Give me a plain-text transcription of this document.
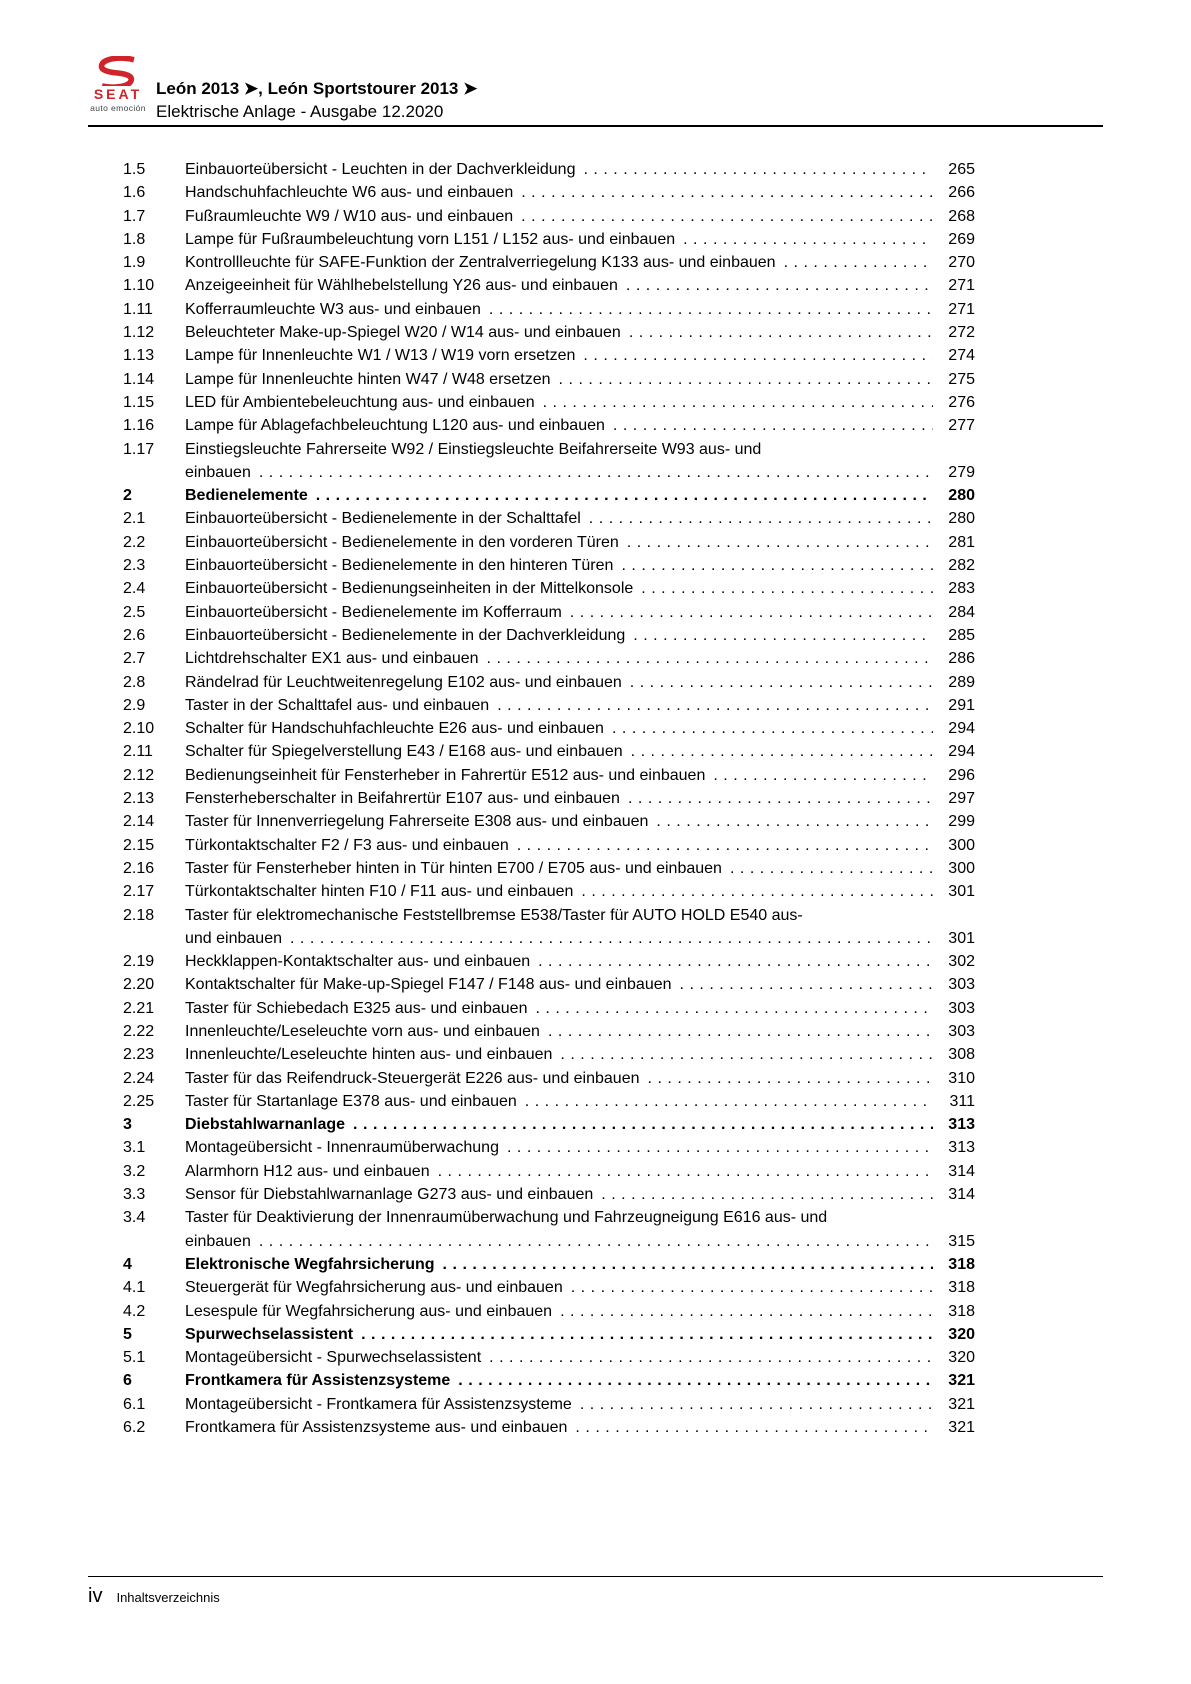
SEAT
auto emoción
León 2013 ➤, León Sportstourer 2013 ➤
Elektrische Anlage - Ausgabe 12.2020
1.5	Einbauorteübersicht - Leuchten in der Dachverkleidung .....	265
1.6	Handschuhfachleuchte W6 aus- und einbauen .....	266
1.7	Fußraumleuchte W9 / W10 aus- und einbauen .....	268
1.8	Lampe für Fußraumbeleuchtung vorn L151 / L152 aus- und einbauen .....	269
1.9	Kontrollleuchte für SAFE-Funktion der Zentralverriegelung K133 aus- und einbauen .....	270
1.10	Anzeigeeinheit für Wählhebelstellung Y26 aus- und einbauen .....	271
1.11	Kofferraumleuchte W3 aus- und einbauen .....	271
1.12	Beleuchteter Make-up-Spiegel W20 / W14 aus- und einbauen .....	272
1.13	Lampe für Innenleuchte W1 / W13 / W19 vorn ersetzen .....	274
1.14	Lampe für Innenleuchte hinten W47 / W48 ersetzen .....	275
1.15	LED für Ambientebeleuchtung aus- und einbauen .....	276
1.16	Lampe für Ablagefachbeleuchtung L120 aus- und einbauen .....	277
1.17	Einstiegsleuchte Fahrerseite W92 / Einstiegsleuchte Beifahrerseite W93 aus- und
einbauen .....	279
2	Bedienelemente .....	280
2.1	Einbauorteübersicht - Bedienelemente in der Schalttafel .....	280
2.2	Einbauorteübersicht - Bedienelemente in den vorderen Türen .....	281
2.3	Einbauorteübersicht - Bedienelemente in den hinteren Türen .....	282
2.4	Einbauorteübersicht - Bedienungseinheiten in der Mittelkonsole .....	283
2.5	Einbauorteübersicht - Bedienelemente im Kofferraum .....	284
2.6	Einbauorteübersicht - Bedienelemente in der Dachverkleidung .....	285
2.7	Lichtdrehschalter EX1 aus- und einbauen .....	286
2.8	Rändelrad für Leuchtweitenregelung E102 aus- und einbauen .....	289
2.9	Taster in der Schalttafel aus- und einbauen .....	291
2.10	Schalter für Handschuhfachleuchte E26 aus- und einbauen .....	294
2.11	Schalter für Spiegelverstellung E43 / E168 aus- und einbauen .....	294
2.12	Bedienungseinheit für Fensterheber in Fahrertür E512 aus- und einbauen .....	296
2.13	Fensterheberschalter in Beifahrertür E107 aus- und einbauen .....	297
2.14	Taster für Innenverriegelung Fahrerseite E308 aus- und einbauen .....	299
2.15	Türkontaktschalter F2 / F3 aus- und einbauen .....	300
2.16	Taster für Fensterheber hinten in Tür hinten E700 / E705 aus- und einbauen .....	300
2.17	Türkontaktschalter hinten F10 / F11 aus- und einbauen .....	301
2.18	Taster für elektromechanische Feststellbremse E538/Taster für AUTO HOLD E540 aus-
und einbauen .....	301
2.19	Heckklappen-Kontaktschalter aus- und einbauen .....	302
2.20	Kontaktschalter für Make-up-Spiegel F147 / F148 aus- und einbauen .....	303
2.21	Taster für Schiebedach E325 aus- und einbauen .....	303
2.22	Innenleuchte/Leseleuchte vorn aus- und einbauen .....	303
2.23	Innenleuchte/Leseleuchte hinten aus- und einbauen .....	308
2.24	Taster für das Reifendruck-Steuergerät E226 aus- und einbauen .....	310
2.25	Taster für Startanlage E378 aus- und einbauen .....	311
3	Diebstahlwarnanlage .....	313
3.1	Montageübersicht - Innenraumüberwachung .....	313
3.2	Alarmhorn H12 aus- und einbauen .....	314
3.3	Sensor für Diebstahlwarnanlage G273 aus- und einbauen .....	314
3.4	Taster für Deaktivierung der Innenraumüberwachung und Fahrzeugneigung E616 aus- und
einbauen .....	315
4	Elektronische Wegfahrsicherung .....	318
4.1	Steuergerät für Wegfahrsicherung aus- und einbauen .....	318
4.2	Lesespule für Wegfahrsicherung aus- und einbauen .....	318
5	Spurwechselassistent .....	320
5.1	Montageübersicht - Spurwechselassistent .....	320
6	Frontkamera für Assistenzsysteme .....	321
6.1	Montageübersicht - Frontkamera für Assistenzsysteme .....	321
6.2	Frontkamera für Assistenzsysteme aus- und einbauen .....	321
iv Inhaltsverzeichnis
